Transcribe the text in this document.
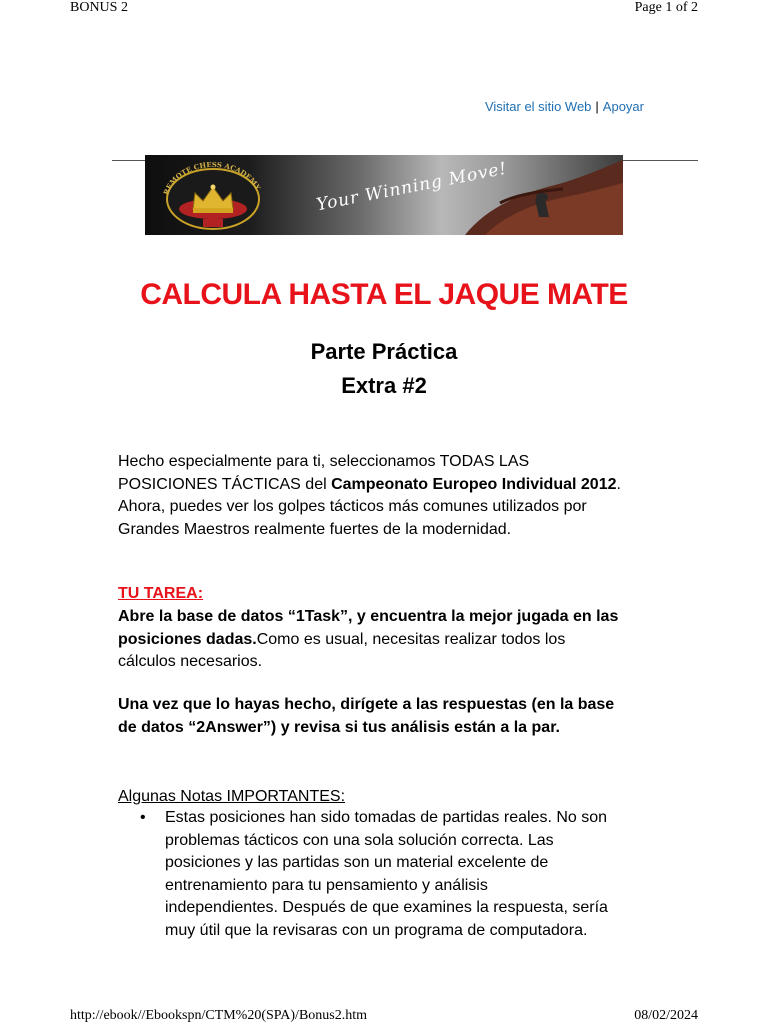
BONUS 2	Page 1 of 2
Visitar el sitio Web | Apoyar
REMOTE CHESS ACADEMY	Your Winning Move!
CALCULA HASTA EL JAQUE MATE
Parte Práctica
Extra #2
Hecho especialmente para ti, seleccionamos TODAS LAS
POSICIONES TÁCTICAS del Campeonato Europeo Individual 2012.
Ahora, puedes ver los golpes tácticos más comunes utilizados por
Grandes Maestros realmente fuertes de la modernidad.
TU TAREA:
Abre la base de datos “1Task”, y encuentra la mejor jugada en las
posiciones dadas.Como es usual, necesitas realizar todos los
cálculos necesarios.
Una vez que lo hayas hecho, dirígete a las respuestas (en la base
de datos “2Answer”) y revisa si tus análisis están a la par.
Algunas Notas IMPORTANTES:
• Estas posiciones han sido tomadas de partidas reales. No son
problemas tácticos con una sola solución correcta. Las
posiciones y las partidas son un material excelente de
entrenamiento para tu pensamiento y análisis
independientes. Después de que examines la respuesta, sería
muy útil que la revisaras con un programa de computadora.
http://ebook//Ebookspn/CTM%20(SPA)/Bonus2.htm	08/02/2024
